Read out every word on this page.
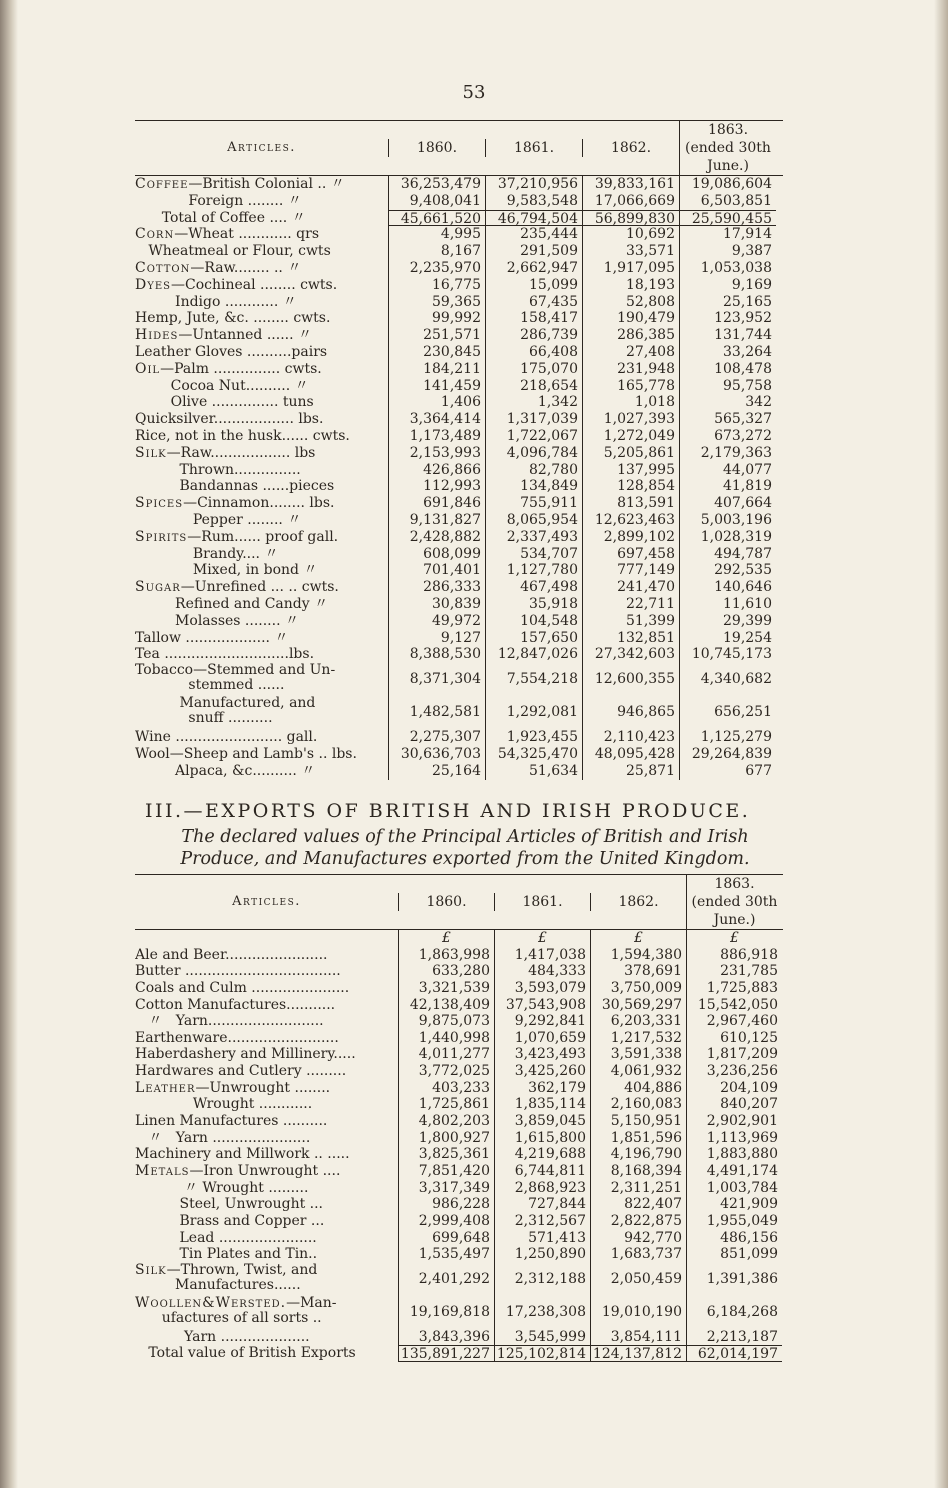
53
Articles.	1860.	1861.	1862.
1863.
(ended 30th
June.)
Coffee—British Colonial .. 〃	36,253,479	37,210,956	39,833,161	19,086,604
Foreign ........ 〃	9,408,041	9,583,548	17,066,669	6,503,851
Total of Coffee .... 〃	45,661,520	46,794,504	56,899,830	25,590,455
Corn—Wheat ............ qrs	4,995	235,444	10,692	17,914
Wheatmeal or Flour, cwts	8,167	291,509	33,571	9,387
Cotton—Raw........ .. 〃	2,235,970	2,662,947	1,917,095	1,053,038
Dyes—Cochineal ........ cwts.	16,775	15,099	18,193	9,169
Indigo ............ 〃	59,365	67,435	52,808	25,165
Hemp, Jute, &c. ........ cwts.	99,992	158,417	190,479	123,952
Hides—Untanned ...... 〃	251,571	286,739	286,385	131,744
Leather Gloves ..........pairs	230,845	66,408	27,408	33,264
Oil—Palm ............... cwts.	184,211	175,070	231,948	108,478
Cocoa Nut.......... 〃	141,459	218,654	165,778	95,758
Olive ............... tuns	1,406	1,342	1,018	342
Quicksilver.................. lbs.	3,364,414	1,317,039	1,027,393	565,327
Rice, not in the husk...... cwts.	1,173,489	1,722,067	1,272,049	673,272
Silk—Raw.................. lbs	2,153,993	4,096,784	5,205,861	2,179,363
Thrown...............	426,866	82,780	137,995	44,077
Bandannas ......pieces	112,993	134,849	128,854	41,819
Spices—Cinnamon........ lbs.	691,846	755,911	813,591	407,664
Pepper ........ 〃	9,131,827	8,065,954	12,623,463	5,003,196
Spirits—Rum...... proof gall.	2,428,882	2,337,493	2,899,102	1,028,319
Brandy.... 〃	608,099	534,707	697,458	494,787
Mixed, in bond 〃	701,401	1,127,780	777,149	292,535
Sugar—Unrefined ... .. cwts.	286,333	467,498	241,470	140,646
Refined and Candy 〃	30,839	35,918	22,711	11,610
Molasses ........ 〃	49,972	104,548	51,399	29,399
Tallow ................... 〃	9,127	157,650	132,851	19,254
Tea ............................lbs.	8,388,530	12,847,026	27,342,603	10,745,173
Tobacco—Stemmed and Un-
stemmed ......	8,371,304	7,554,218	12,600,355	4,340,682
Manufactured, and
snuff ..........	1,482,581	1,292,081	946,865	656,251
Wine ........................ gall.	2,275,307	1,923,455	2,110,423	1,125,279
Wool—Sheep and Lamb's .. lbs.	30,636,703	54,325,470	48,095,428	29,264,839
Alpaca, &c.......... 〃	25,164	51,634	25,871	677
III.—EXPORTS OF BRITISH AND IRISH PRODUCE.
The declared values of the Principal Articles of British and Irish Produce, and Manufactures exported from the United Kingdom.
Articles.	1860.	1861.	1862.
1863.
(ended 30th
June.)
£	£	£	£
Ale and Beer.......................	1,863,998	1,417,038	1,594,380	886,918
Butter ...................................	633,280	484,333	378,691	231,785
Coals and Culm ......................	3,321,539	3,593,079	3,750,009	1,725,883
Cotton Manufactures...........	42,138,409	37,543,908	30,569,297	15,542,050
〃   Yarn..........................	9,875,073	9,292,841	6,203,331	2,967,460
Earthenware.........................	1,440,998	1,070,659	1,217,532	610,125
Haberdashery and Millinery.....	4,011,277	3,423,493	3,591,338	1,817,209
Hardwares and Cutlery .........	3,772,025	3,425,260	4,061,932	3,236,256
Leather—Unwrought ........	403,233	362,179	404,886	204,109
Wrought ............	1,725,861	1,835,114	2,160,083	840,207
Linen Manufactures ..........	4,802,203	3,859,045	5,150,951	2,902,901
〃   Yarn ......................	1,800,927	1,615,800	1,851,596	1,113,969
Machinery and Millwork .. .....	3,825,361	4,219,688	4,196,790	1,883,880
Metals—Iron Unwrought ....	7,851,420	6,744,811	8,168,394	4,491,174
〃 Wrought .........	3,317,349	2,868,923	2,311,251	1,003,784
Steel, Unwrought ...	986,228	727,844	822,407	421,909
Brass and Copper ...	2,999,408	2,312,567	2,822,875	1,955,049
Lead ......................	699,648	571,413	942,770	486,156
Tin Plates and Tin..	1,535,497	1,250,890	1,683,737	851,099
Silk—Thrown, Twist, and
Manufactures......	2,401,292	2,312,188	2,050,459	1,391,386
Woollen&Wersted.—Man-
ufactures of all sorts ..	19,169,818	17,238,308	19,010,190	6,184,268
Yarn ....................	3,843,396	3,545,999	3,854,111	2,213,187
Total value of British Exports	135,891,227 125,102,814 124,137,812	62,014,197
